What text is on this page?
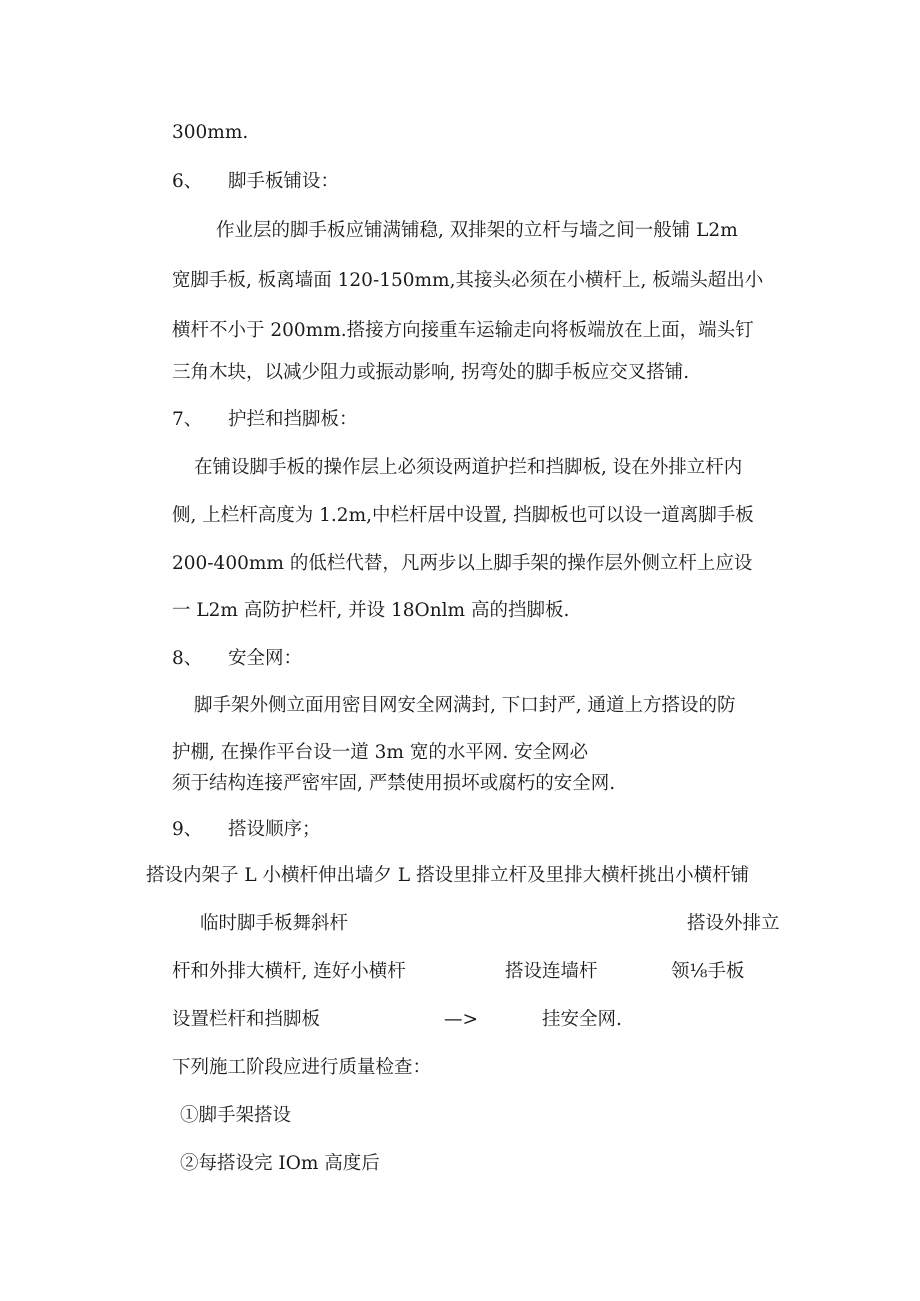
300mm.
6、 脚手板铺设：
作业层的脚手板应铺满铺稳, 双排架的立杆与墙之间一般铺 L2m
宽脚手板, 板离墙面 120-150mm,其接头必须在小横杆上, 板端头超出小
横杆不小于 200mm.搭接方向接重车运输走向将板端放在上面，端头钉
三角木块，以减少阻力或振动影响, 拐弯处的脚手板应交叉搭铺.
7、 护拦和挡脚板：
在铺设脚手板的操作层上必须设两道护拦和挡脚板, 设在外排立杆内
侧, 上栏杆高度为 1.2m,中栏杆居中设置, 挡脚板也可以设一道离脚手板
200-400mm 的低栏代替，凡两步以上脚手架的操作层外侧立杆上应设
一 L2m 高防护栏杆, 并设 18Onlm 高的挡脚板.
8、 安全网：
脚手架外侧立面用密目网安全网满封, 下口封严, 通道上方搭设的防
护棚, 在操作平台设一道 3m 宽的水平网. 安全网必
须于结构连接严密牢固, 严禁使用损坏或腐朽的安全网.
9、 搭设顺序；
搭设内架子 L 小横杆伸出墙夕 L 搭设里排立杆及里排大横杆挑出小横杆铺
临时脚手板舞斜杆	搭设外排立
杆和外排大横杆, 连好小横杆	搭设连墙杆	领⅛手板
设置栏杆和挡脚板	—>	挂安全网.
下列施工阶段应进行质量检查：
①脚手架搭设
②每搭设完 IOm 高度后
